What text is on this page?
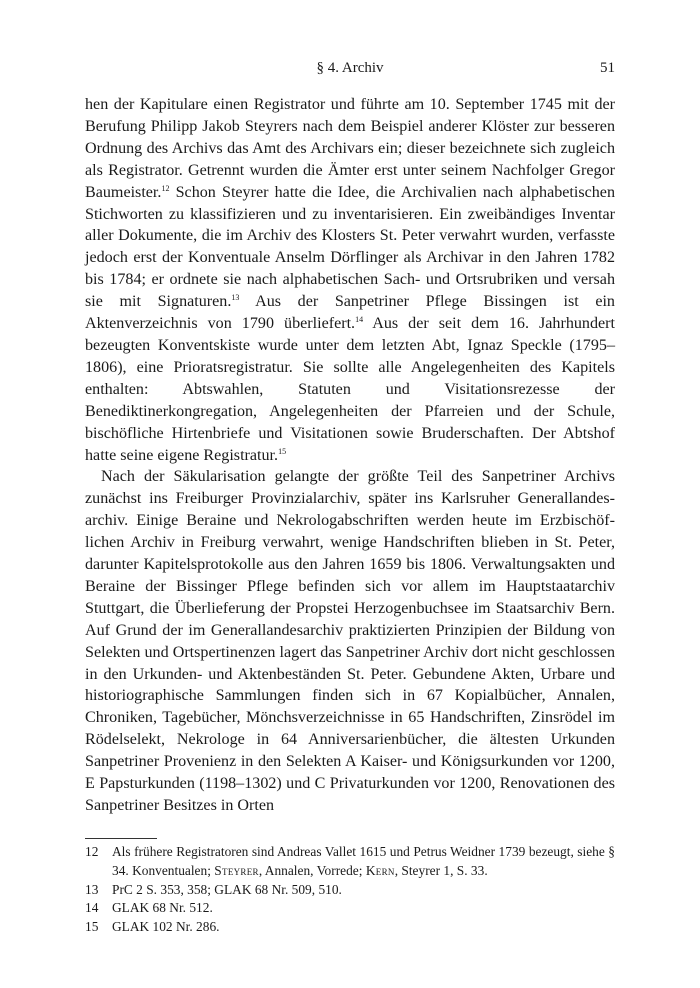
§ 4. Archiv	51

hen der Kapitulare einen Registrator und führte am 10. September 1745 mit der Berufung Philipp Jakob Steyrers nach dem Beispiel anderer Klöster zur besseren Ordnung des Archivs das Amt des Archivars ein; dieser bezeichnete sich zugleich als Registrator. Getrennt wurden die Ämter erst unter seinem Nachfolger Gregor Baumeister.$^{12}$ Schon Steyrer hatte die Idee, die Archivalien nach alphabetischen Stichworten zu klassifizieren und zu inventarisieren. Ein zweibändiges Inventar aller Dokumente, die im Archiv des Klosters St. Peter verwahrt wurden, verfasste jedoch erst der Konventuale Anselm Dörflinger als Archivar in den Jahren 1782 bis 1784; er ordnete sie nach alphabetischen Sach- und Ortsrubriken und versah sie mit Signaturen.$^{13}$ Aus der Sanpetriner Pflege Bissingen ist ein Aktenverzeichnis von 1790 überliefert.$^{14}$ Aus der seit dem 16. Jahrhundert bezeugten Konventskiste wurde unter dem letzten Abt, Ignaz Speckle (1795–1806), eine Prioratsregistratur. Sie sollte alle Angelegenheiten des Kapitels enthalten: Abtswahlen, Statuten und Visitationsrezesse der Benediktinerkongregation, Angelegenheiten der Pfarreien und der Schule, bischöfliche Hirtenbriefe und Visitationen sowie Bruderschaften. Der Abtshof hatte seine eigene Registratur.$^{15}$

Nach der Säkularisation gelangte der größte Teil des Sanpetriner Archivs zunächst ins Freiburger Provinzialarchiv, später ins Karlsruher Generallandesarchiv. Einige Beraine und Nekrologabschriften werden heute im Erzbischöflichen Archiv in Freiburg verwahrt, wenige Handschriften blieben in St. Peter, darunter Kapitelsprotokolle aus den Jahren 1659 bis 1806. Verwaltungsakten und Beraine der Bissinger Pflege befinden sich vor allem im Hauptstaatarchiv Stuttgart, die Überlieferung der Propstei Herzogenbuchsee im Staatsarchiv Bern. Auf Grund der im Generallandesarchiv praktizierten Prinzipien der Bildung von Selekten und Ortspertinenzen lagert das Sanpetriner Archiv dort nicht geschlossen in den Urkunden- und Aktenbeständen St. Peter. Gebundene Akten, Urbare und historiographische Sammlungen finden sich in 67 Kopialbücher, Annalen, Chroniken, Tagebücher, Mönchsverzeichnisse in 65 Handschriften, Zinsrödel im Rödelselekt, Nekrologe in 64 Anniversarienbücher, die ältesten Urkunden Sanpetriner Provenienz in den Selekten A Kaiser- und Königsurkunden vor 1200, E Papsturkunden (1198–1302) und C Privaturkunden vor 1200, Renovationen des Sanpetriner Besitzes in Orten

12	Als frühere Registratoren sind Andreas Vallet 1615 und Petrus Weidner 1739 bezeugt, siehe § 34. Konventualen; Steyrer, Annalen, Vorrede; Kern, Steyrer 1, S. 33.
13	PrC 2 S. 353, 358; GLAK 68 Nr. 509, 510.
14	GLAK 68 Nr. 512.
15	GLAK 102 Nr. 286.
